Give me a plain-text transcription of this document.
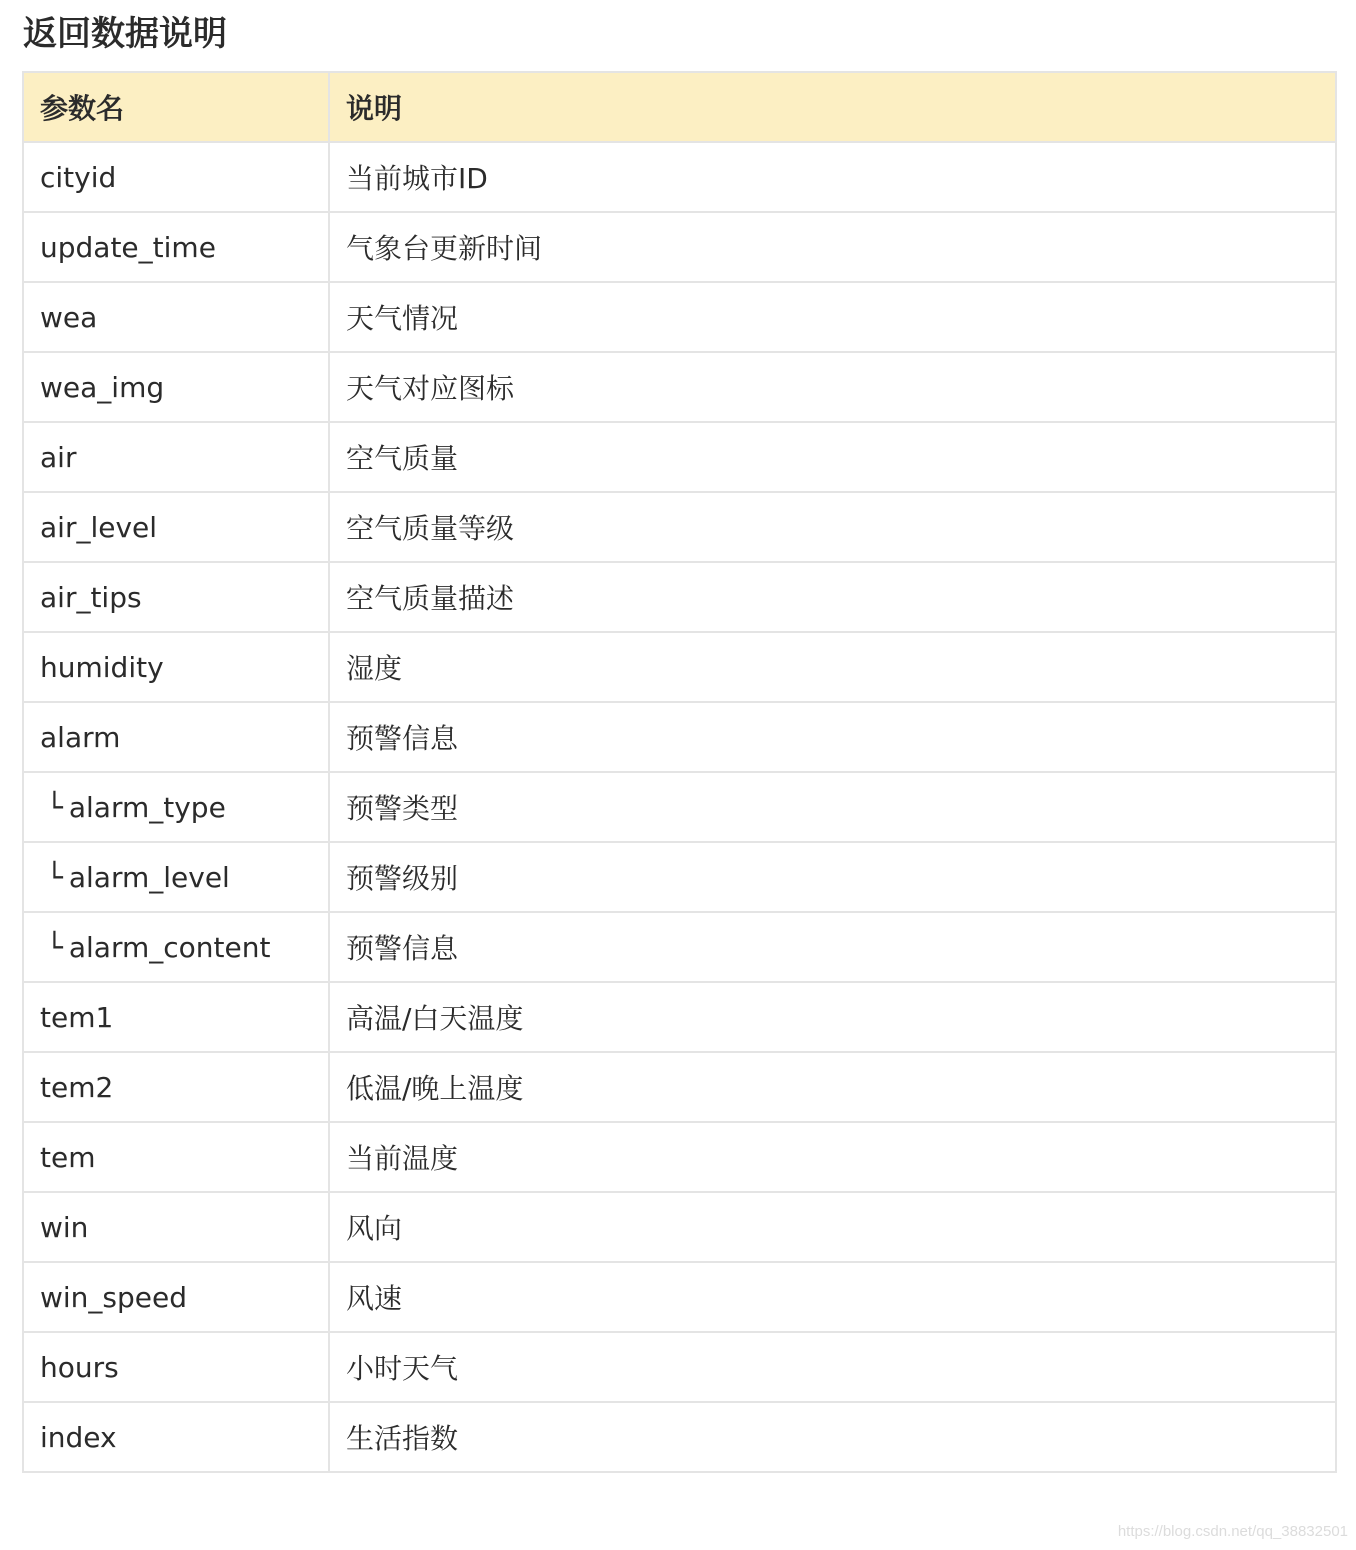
返回数据说明
参数名	说明
cityid	当前城市ID
update_time	气象台更新时间
wea	天气情况
wea_img	天气对应图标
air	空气质量
air_level	空气质量等级
air_tips	空气质量描述
humidity	湿度
alarm	预警信息
└ alarm_type	预警类型
└ alarm_level	预警级别
└ alarm_content	预警信息
tem1	高温/白天温度
tem2	低温/晚上温度
tem	当前温度
win	风向
win_speed	风速
hours	小时天气
index	生活指数
https://blog.csdn.net/qq_38832501
